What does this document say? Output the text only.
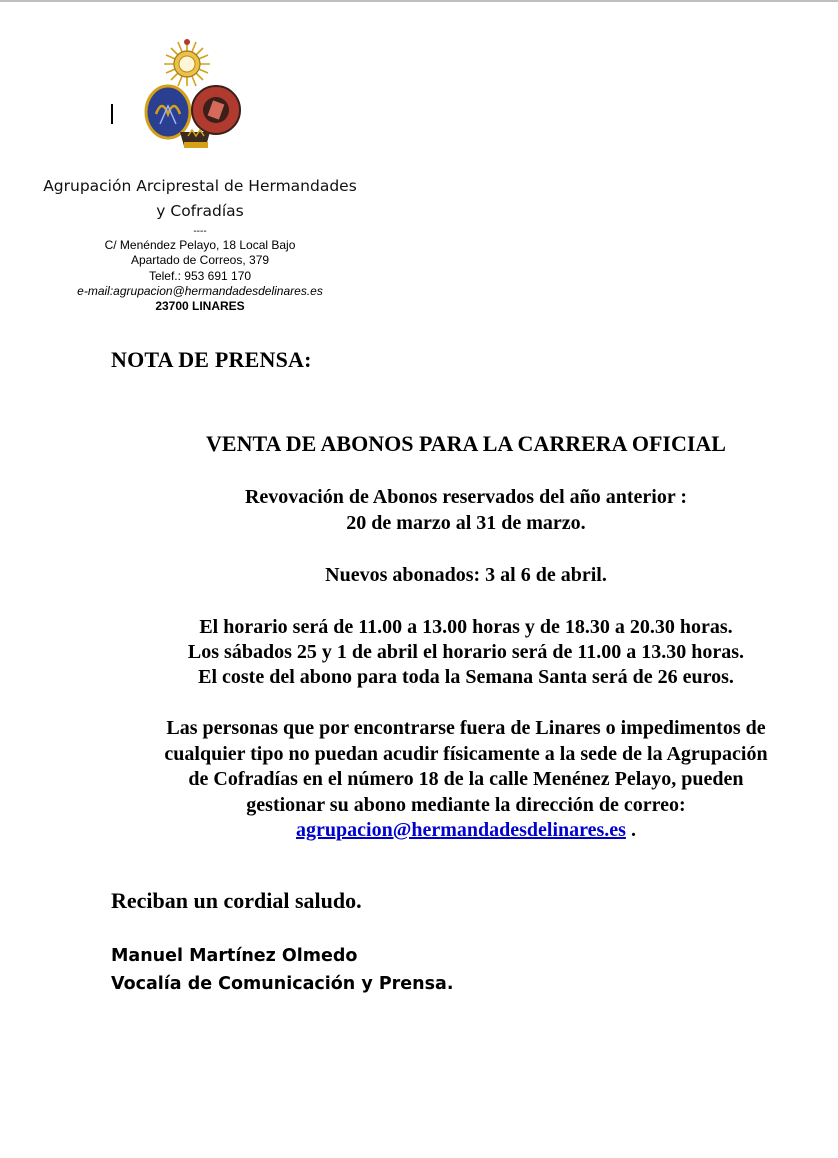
Agrupación Arciprestal de Hermandades
y Cofradías
----
C/ Menéndez Pelayo, 18 Local Bajo
Apartado de Correos, 379
Telef.: 953 691 170
e-mail:agrupacion@hermandadesdelinares.es
23700 LINARES
NOTA DE PRENSA:
VENTA DE ABONOS PARA LA CARRERA OFICIAL
Revovación de Abonos reservados del año anterior :
20 de marzo al 31 de marzo.
Nuevos abonados: 3 al 6 de abril.
El horario será de 11.00 a 13.00 horas y de 18.30 a 20.30 horas.
Los sábados 25 y 1 de abril el horario será de 11.00 a 13.30 horas.
El coste del abono para toda la Semana Santa será de 26 euros.
Las personas que por encontrarse fuera de Linares o impedimentos de
cualquier tipo no puedan acudir físicamente a la sede de la Agrupación
de Cofradías en el número 18 de la calle Menénez Pelayo, pueden
gestionar su abono mediante la dirección de correo:
agrupacion@hermandadesdelinares.es .
Reciban un cordial saludo.
Manuel Martínez Olmedo
Vocalía de Comunicación y Prensa.
